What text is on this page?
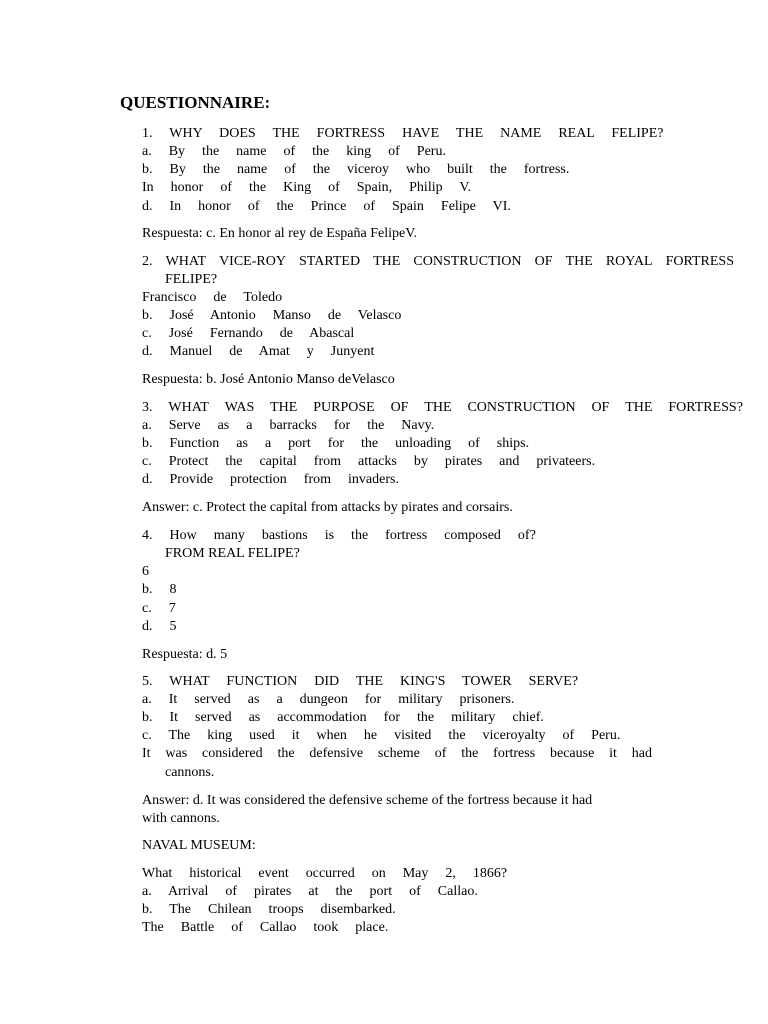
QUESTIONNAIRE:
1.  WHY  DOES  THE  FORTRESS  HAVE  THE  NAME  REAL  FELIPE?
a.  By  the  name  of  the  king  of  Peru.
b.  By  the  name  of  the  viceroy  who  built  the  fortress.
In  honor  of  the  King  of  Spain,  Philip  V.
d.  In  honor  of  the  Prince  of  Spain  Felipe  VI.
Respuesta: c. En honor al rey de España FelipeV.
2. WHAT VICE-ROY STARTED THE CONSTRUCTION OF THE ROYAL FORTRESS
FELIPE?
Francisco  de  Toledo
b.  José  Antonio  Manso  de  Velasco
c.  José  Fernando  de  Abascal
d.  Manuel  de  Amat  y  Junyent
Respuesta: b. José Antonio Manso deVelasco
3. WHAT WAS THE PURPOSE OF THE CONSTRUCTION OF THE FORTRESS?
a.  Serve  as  a  barracks  for  the  Navy.
b.  Function  as  a  port  for  the  unloading  of  ships.
c.  Protect  the  capital  from  attacks  by  pirates  and  privateers.
d.  Provide  protection  from  invaders.
Answer: c. Protect the capital from attacks by pirates and corsairs.
4.  How  many  bastions  is  the  fortress  composed  of?
FROM REAL FELIPE?
6
b.  8
c.  7
d.  5
Respuesta: d. 5
5.  WHAT  FUNCTION  DID  THE  KING'S  TOWER  SERVE?
a.  It  served  as  a  dungeon  for  military  prisoners.
b.  It  served  as  accommodation  for  the  military  chief.
c.  The  king  used  it  when  he  visited  the  viceroyalty  of  Peru.
It was considered the defensive scheme of the fortress because it had
cannons.
Answer: d. It was considered the defensive scheme of the fortress because it had
with cannons.
NAVAL MUSEUM:
What  historical  event  occurred  on  May  2,  1866?
a.  Arrival  of  pirates  at  the  port  of  Callao.
b.  The  Chilean  troops  disembarked.
The  Battle  of  Callao  took  place.
